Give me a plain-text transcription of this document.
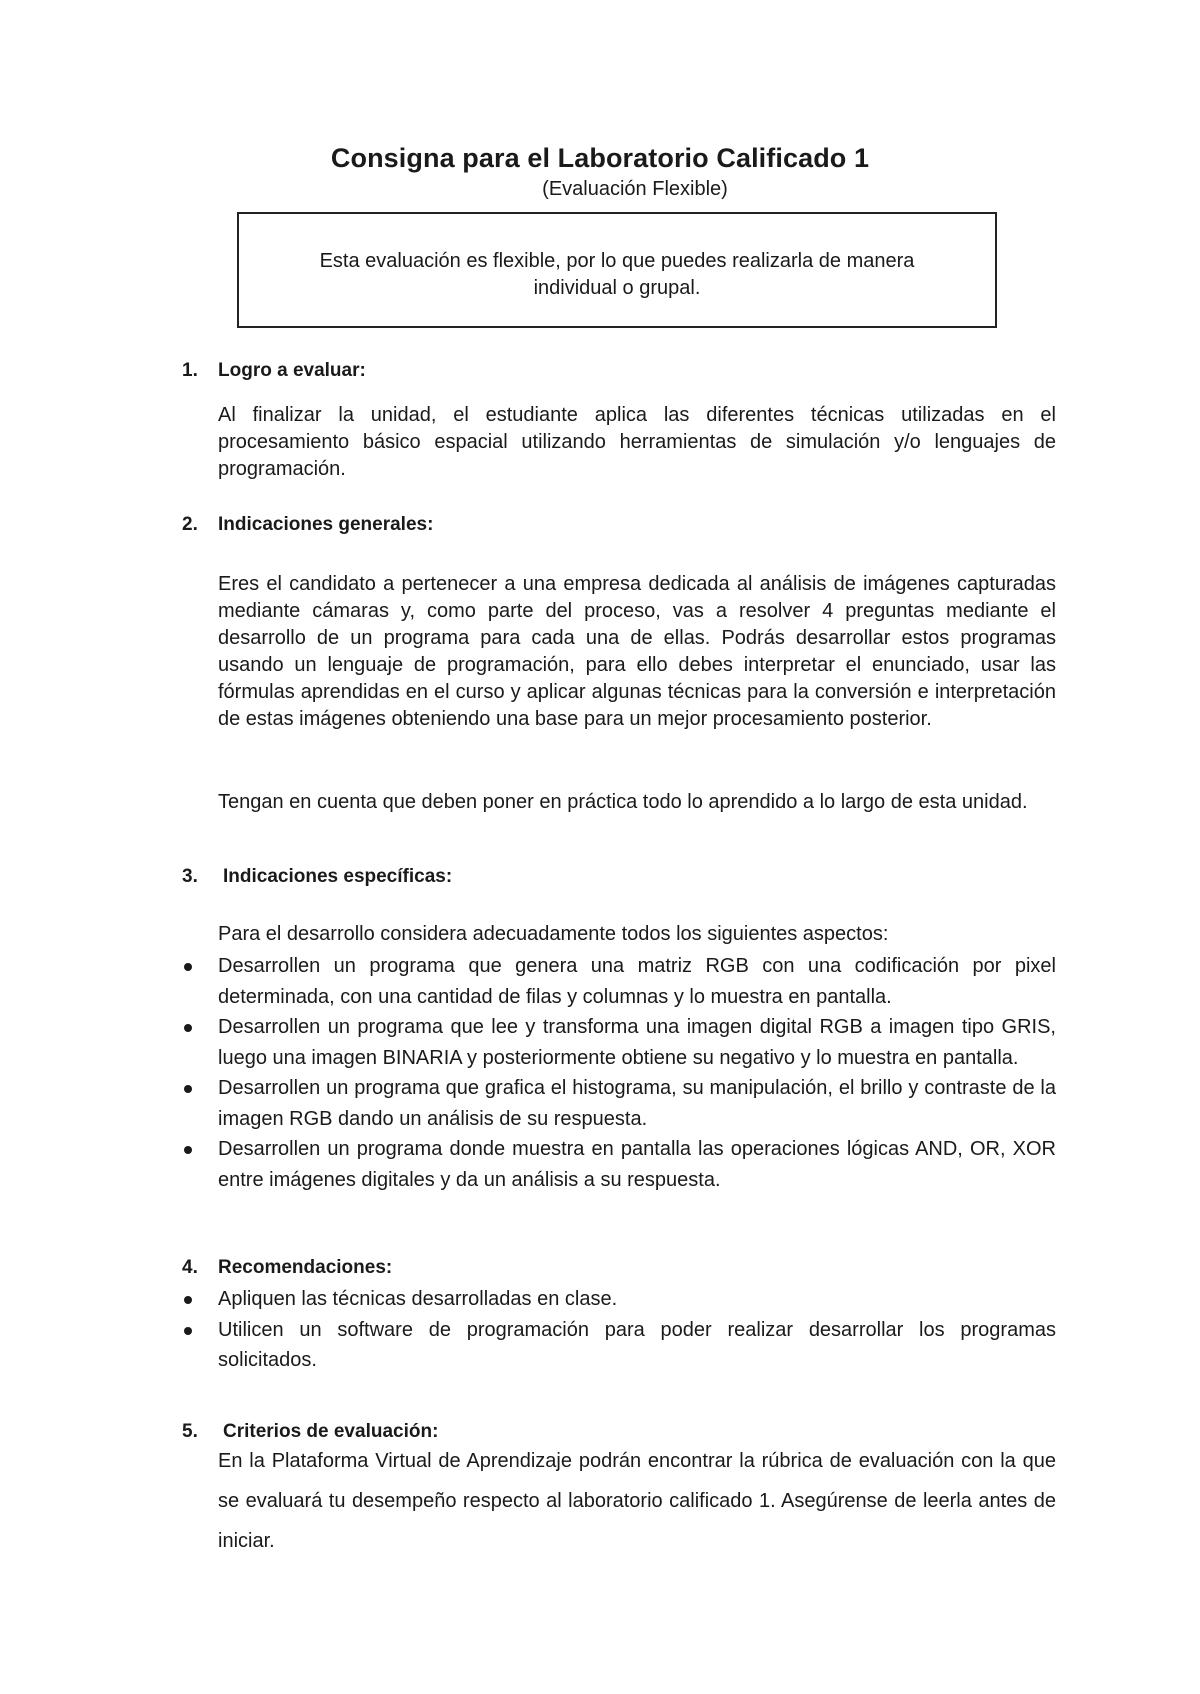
Consigna para el Laboratorio Calificado 1
(Evaluación Flexible)
Esta evaluación es flexible, por lo que puedes realizarla de manera individual o grupal.
1. Logro a evaluar:
Al finalizar la unidad, el estudiante aplica las diferentes técnicas utilizadas en el procesamiento básico espacial utilizando herramientas de simulación y/o lenguajes de programación.
2. Indicaciones generales:
Eres el candidato a pertenecer a una empresa dedicada al análisis de imágenes capturadas mediante cámaras y, como parte del proceso, vas a resolver 4 preguntas mediante el desarrollo de un programa para cada una de ellas. Podrás desarrollar estos programas usando un lenguaje de programación, para ello debes interpretar el enunciado, usar las fórmulas aprendidas en el curso y aplicar algunas técnicas para la conversión e interpretación de estas imágenes obteniendo una base para un mejor procesamiento posterior.
Tengan en cuenta que deben poner en práctica todo lo aprendido a lo largo de esta unidad.
3. Indicaciones específicas:
Para el desarrollo considera adecuadamente todos los siguientes aspectos:
Desarrollen un programa que genera una matriz RGB con una codificación por pixel determinada, con una cantidad de filas y columnas y lo muestra en pantalla.
Desarrollen un programa que lee y transforma una imagen digital RGB a imagen tipo GRIS, luego una imagen BINARIA y posteriormente obtiene su negativo y lo muestra en pantalla.
Desarrollen un programa que grafica el histograma, su manipulación, el brillo y contraste de la imagen RGB dando un análisis de su respuesta.
Desarrollen un programa donde muestra en pantalla las operaciones lógicas AND, OR, XOR entre imágenes digitales y da un análisis a su respuesta.
4. Recomendaciones:
Apliquen las técnicas desarrolladas en clase.
Utilicen un software de programación para poder realizar desarrollar los programas solicitados.
5. Criterios de evaluación:
En la Plataforma Virtual de Aprendizaje podrán encontrar la rúbrica de evaluación con la que se evaluará tu desempeño respecto al laboratorio calificado 1. Asegúrense de leerla antes de iniciar.
